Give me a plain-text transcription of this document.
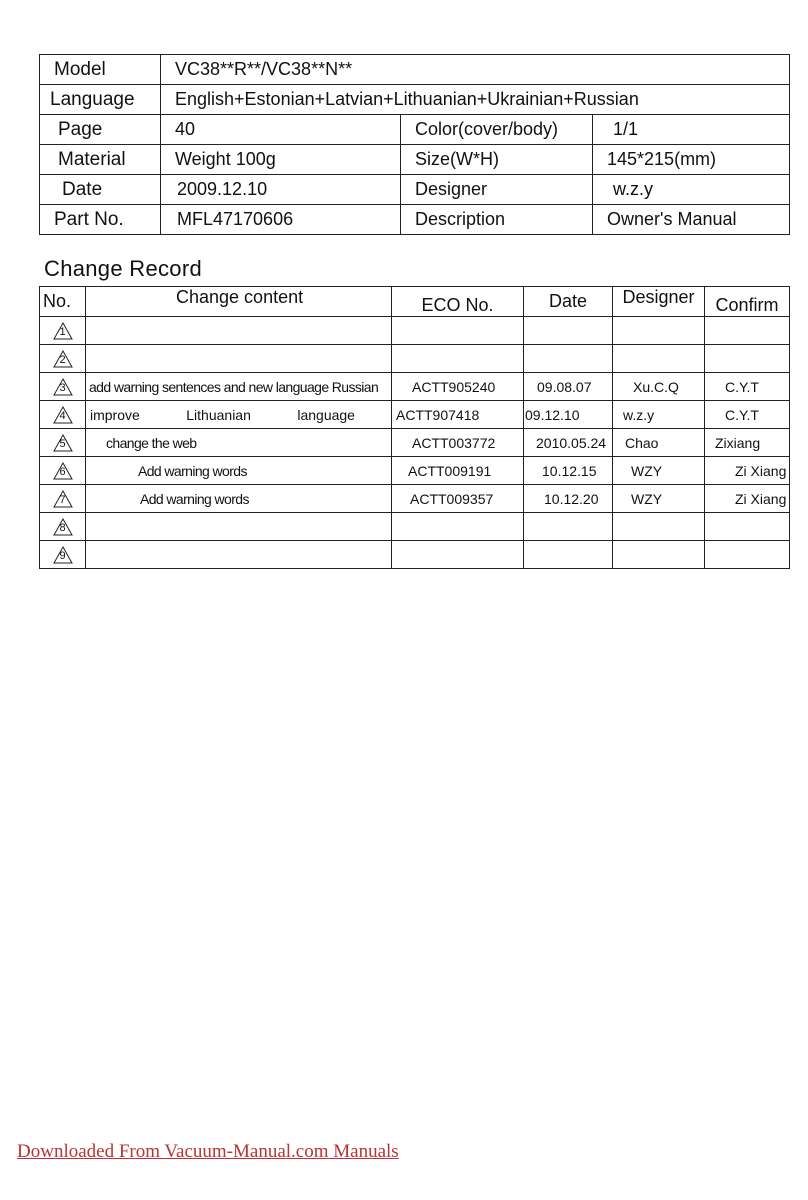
Model	VC38**R**/VC38**N**		
Language	English+Estonian+Latvian+Lithuanian+Ukrainian+Russian		
Page	40	Color(cover/body)	1/1
Material	Weight 100g	Size(W*H)	145*215(mm)
Date	2009.12.10	Designer	w.z.y
Part No.	MFL47170606	Description	Owner's Manual
Change Record
No.	Change content	ECO No.	Date	Designer	Confirm

1					

2					

3	add warning sentences and new language Russian	ACTT905240	09.08.07	Xu.C.Q	C.Y.T

4	improve Lithuanian language	ACTT907418	09.12.10	w.z.y	C.Y.T

5	change the web	ACTT003772	2010.05.24	Chao	Zixiang

6	Add warning words	ACTT009191	10.12.15	WZY	Zi Xiang

7	Add warning words	ACTT009357	10.12.20	WZY	Zi Xiang

8					

9					

Downloaded From Vacuum-Manual.com Manuals
